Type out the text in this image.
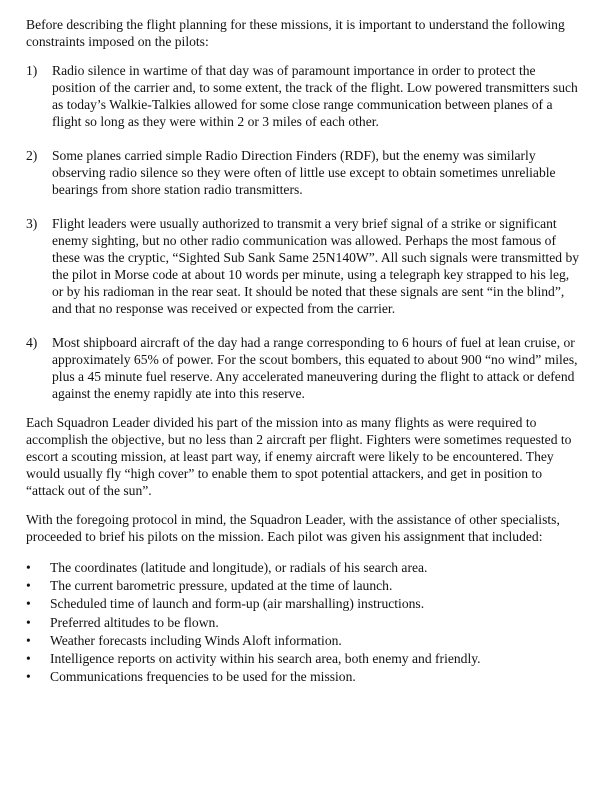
Before describing the flight planning for these missions, it is important to understand the following constraints imposed on the pilots:

1) Radio silence in wartime of that day was of paramount importance in order to protect the position of the carrier and, to some extent, the track of the flight. Low powered transmitters such as today’s Walkie-Talkies allowed for some close range communication between planes of a flight so long as they were within 2 or 3 miles of each other.

2) Some planes carried simple Radio Direction Finders (RDF), but the enemy was similarly observing radio silence so they were often of little use except to obtain sometimes unreliable bearings from shore station radio transmitters.

3) Flight leaders were usually authorized to transmit a very brief signal of a strike or significant enemy sighting, but no other radio communication was allowed. Perhaps the most famous of these was the cryptic, “Sighted Sub Sank Same 25N140W”. All such signals were transmitted by the pilot in Morse code at about 10 words per minute, using a telegraph key strapped to his leg, or by his radioman in the rear seat. It should be noted that these signals are sent “in the blind”, and that no response was received or expected from the carrier.

4) Most shipboard aircraft of the day had a range corresponding to 6 hours of fuel at lean cruise, or approximately 65% of power. For the scout bombers, this equated to about 900 “no wind” miles, plus a 45 minute fuel reserve. Any accelerated maneuvering during the flight to attack or defend against the enemy rapidly ate into this reserve.

Each Squadron Leader divided his part of the mission into as many flights as were required to accomplish the objective, but no less than 2 aircraft per flight. Fighters were sometimes requested to escort a scouting mission, at least part way, if enemy aircraft were likely to be encountered. They would usually fly “high cover” to enable them to spot potential attackers, and get in position to “attack out of the sun”.

With the foregoing protocol in mind, the Squadron Leader, with the assistance of other specialists, proceeded to brief his pilots on the mission. Each pilot was given his assignment that included:

• The coordinates (latitude and longitude), or radials of his search area.
• The current barometric pressure, updated at the time of launch.
• Scheduled time of launch and form-up (air marshalling) instructions.
• Preferred altitudes to be flown.
• Weather forecasts including Winds Aloft information.
• Intelligence reports on activity within his search area, both enemy and friendly.
• Communications frequencies to be used for the mission.
